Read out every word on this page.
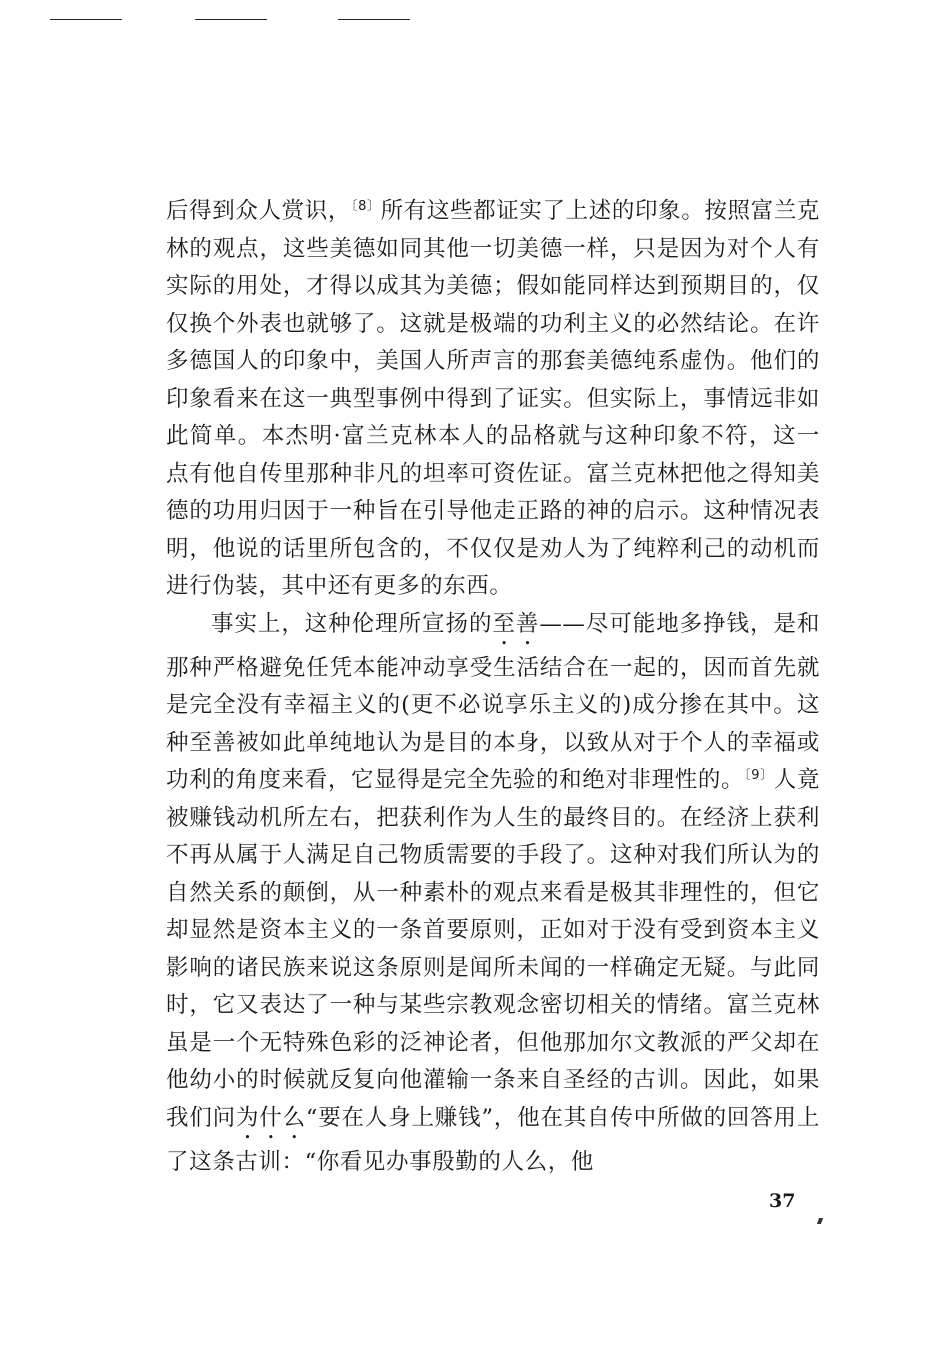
后得到众人赏识，$^{〔8〕}$所有这些都证实了上述的印象。按照富兰克林的观点，这些美德如同其他一切美德一样，只是因为对个人有实际的用处，才得以成其为美德；假如能同样达到预期目的，仅仅换个外表也就够了。这就是极端的功利主义的必然结论。在许多德国人的印象中，美国人所声言的那套美德纯系虚伪。他们的印象看来在这一典型事例中得到了证实。但实际上，事情远非如此简单。本杰明·富兰克林本人的品格就与这种印象不符，这一点有他自传里那种非凡的坦率可资佐证。富兰克林把他之得知美德的功用归因于一种旨在引导他走正路的神的启示。这种情况表明，他说的话里所包含的，不仅仅是劝人为了纯粹利己的动机而进行伪装，其中还有更多的东西。

事实上，这种伦理所宣扬的至善——尽可能地多挣钱，是和那种严格避免任凭本能冲动享受生活结合在一起的，因而首先就是完全没有幸福主义的(更不必说享乐主义的)成分掺在其中。这种至善被如此单纯地认为是目的本身，以致从对于个人的幸福或功利的角度来看，它显得是完全先验的和绝对非理性的。$^{〔9〕}$人竟被赚钱动机所左右，把获利作为人生的最终目的。在经济上获利不再从属于人满足自己物质需要的手段了。这种对我们所认为的自然关系的颠倒，从一种素朴的观点来看是极其非理性的，但它却显然是资本主义的一条首要原则，正如对于没有受到资本主义影响的诸民族来说这条原则是闻所未闻的一样确定无疑。与此同时，它又表达了一种与某些宗教观念密切相关的情绪。富兰克林虽是一个无特殊色彩的泛神论者，但他那加尔文教派的严父却在他幼小的时候就反复向他灌输一条来自圣经的古训。因此，如果我们问为什么“要在人身上赚钱”，他在其自传中所做的回答用上了这条古训：“你看见办事殷勤的人么，他

37
